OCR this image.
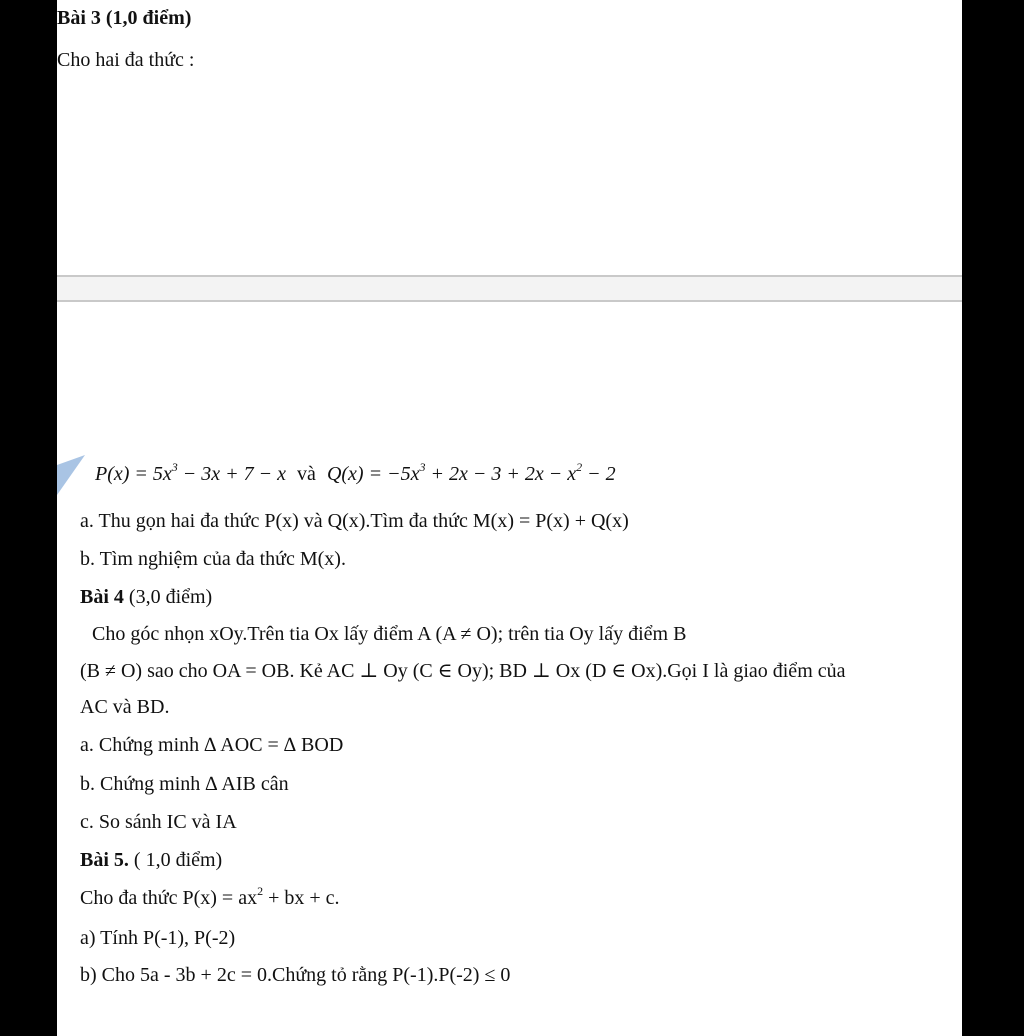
Bài 3 (1,0 điểm)
Cho hai đa thức :
$P(x) = 5x^3 - 3x + 7 - x$ và $Q(x) = -5x^3 + 2x - 3 + 2x - x^2 - 2$
a. Thu gọn hai đa thức P(x) và Q(x).Tìm đa thức M(x) = P(x) + Q(x)
b. Tìm nghiệm của đa thức M(x).
Bài 4 (3,0 điểm)
Cho góc nhọn xOy.Trên tia Ox lấy điểm A (A ≠ O); trên tia Oy lấy điểm B
(B ≠ O) sao cho OA = OB. Kẻ AC ⊥ Oy (C ∈ Oy); BD ⊥ Ox (D ∈ Ox).Gọi I là giao điểm của
AC và BD.
a. Chứng minh ∆ AOC = ∆ BOD
b. Chứng minh ∆ AIB cân
c. So sánh IC và IA
Bài 5. ( 1,0 điểm)
Cho đa thức $P(x) = ax^2$ + bx + c.
a) Tính P(-1), P(-2)
b) Cho 5a - 3b + 2c = 0.Chứng tỏ rằng P(-1).P(-2) ≤ 0
